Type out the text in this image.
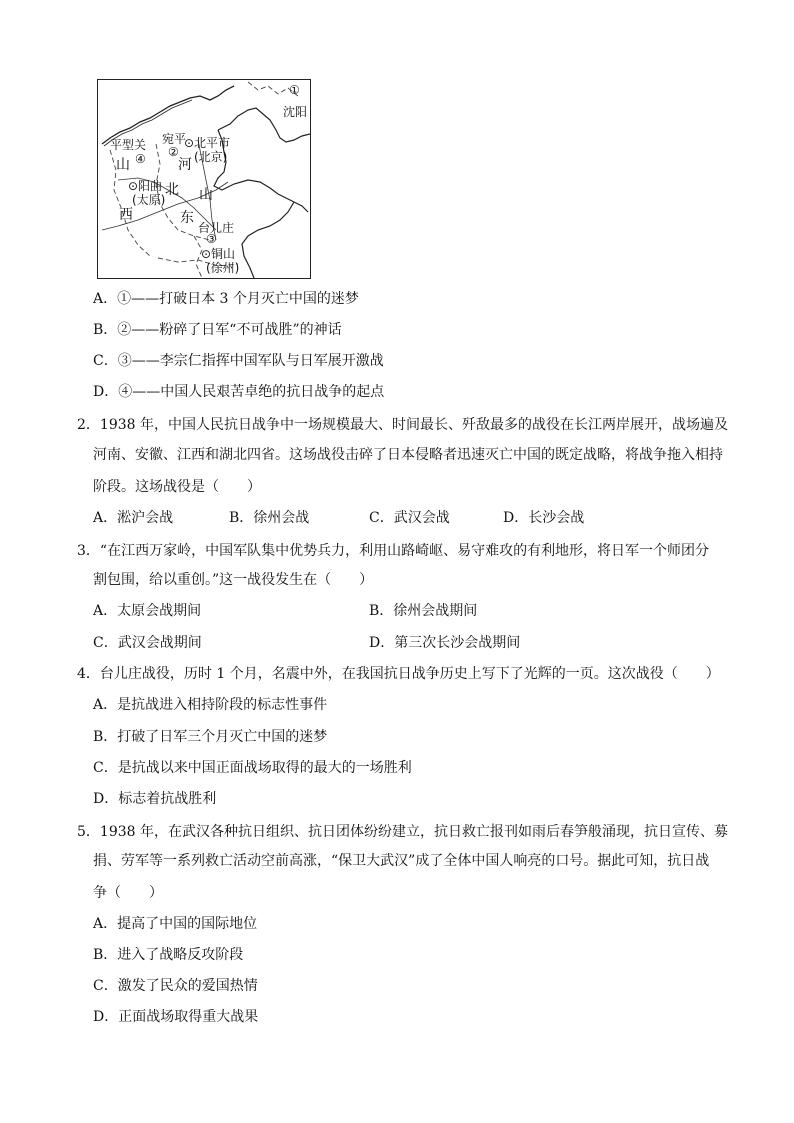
①
沈阳
平型关 宛平
②
⊙北平市
(北京)
山 ④ 河
⊙阳曲
(太原)
北 山
西	东
台儿庄
③
⊙铜山
(徐州)
A．①——打破日本 3 个月灭亡中国的迷梦
B．②——粉碎了日军“不可战胜”的神话
C．③——李宗仁指挥中国军队与日军展开激战
D．④——中国人民艰苦卓绝的抗日战争的起点
2．1938 年，中国人民抗日战争中一场规模最大、时间最长、歼敌最多的战役在长江两岸展开，战场遍及
河南、安徽、江西和湖北四省。这场战役击碎了日本侵略者迅速灭亡中国的既定战略，将战争拖入相持
阶段。这场战役是（　　）
A．淞沪会战	B．徐州会战	C．武汉会战	D．长沙会战
3．“在江西万家岭，中国军队集中优势兵力，利用山路崎岖、易守难攻的有利地形，将日军一个师团分
割包围，给以重创。”这一战役发生在（　　）
A．太原会战期间	B．徐州会战期间
C．武汉会战期间	D．第三次长沙会战期间
4．台儿庄战役，历时 1 个月，名震中外，在我国抗日战争历史上写下了光辉的一页。这次战役（　　）
A．是抗战进入相持阶段的标志性事件
B．打破了日军三个月灭亡中国的迷梦
C．是抗战以来中国正面战场取得的最大的一场胜利
D．标志着抗战胜利
5．1938 年，在武汉各种抗日组织、抗日团体纷纷建立，抗日救亡报刊如雨后春笋般涌现，抗日宣传、募
捐、劳军等一系列救亡活动空前高涨，“保卫大武汉”成了全体中国人响亮的口号。据此可知，抗日战
争（　　）
A．提高了中国的国际地位
B．进入了战略反攻阶段
C．激发了民众的爱国热情
D．正面战场取得重大战果
